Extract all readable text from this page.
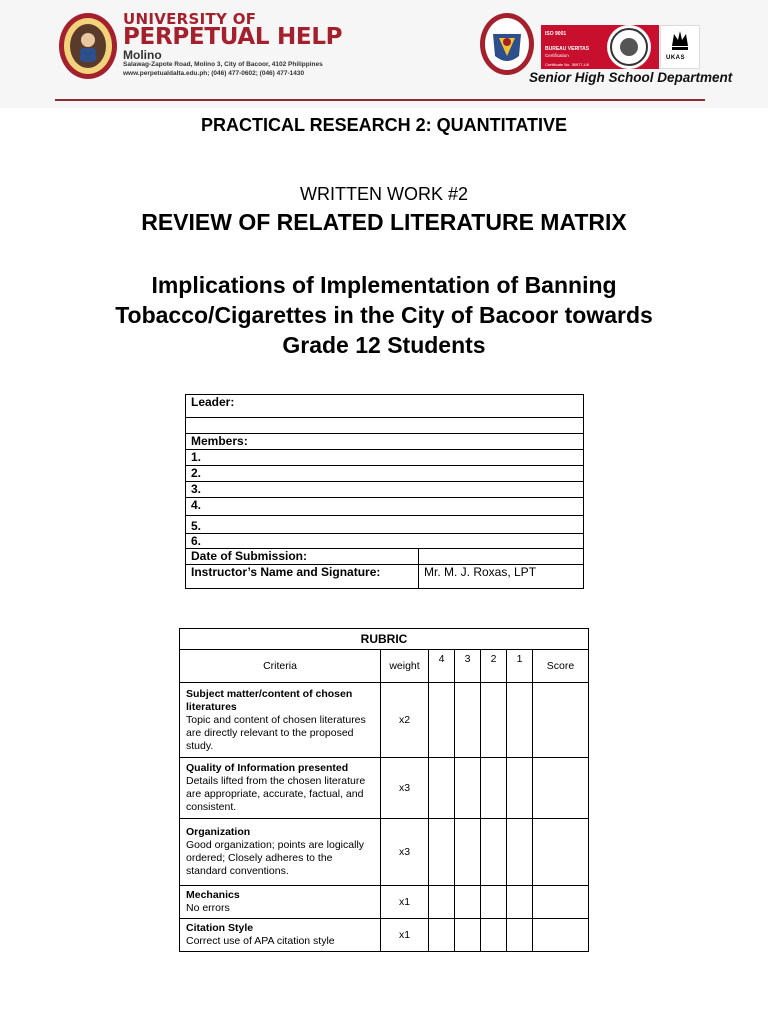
UNIVERSITY OF
PERPETUAL HELP
Molino
Salawag-Zapote Road, Molino 3, City of Bacoor, 4102 Philippines
www.perpetualdalta.edu.ph; (046) 477-0602; (046) 477-1430
ISO 9001
BUREAU VERITAS
Certification
Certificate No. 36977-UK
UKAS
Senior High School Department
PRACTICAL RESEARCH 2: QUANTITATIVE
WRITTEN WORK #2
REVIEW OF RELATED LITERATURE MATRIX
Implications of Implementation of Banning Tobacco/Cigarettes in the City of Bacoor towards Grade 12 Students
Leader:	

Members:	
1.	
2.	
3.	
4.	
5.	
6.	
Date of Submission:	
Instructor’s Name and Signature:	Mr. M. J. Roxas, LPT
RUBRIC						
Criteria	weight	4	3	2	1	Score

Subject matter/content of chosen literatures
Topic and content of chosen literatures are directly relevant to the proposed study.	x2					

Quality of Information presented
Details lifted from the chosen literature are appropriate, accurate, factual, and consistent.	x3					

Organization
Good organization; points are logically ordered; Closely adheres to the standard conventions.	x3					

Mechanics
No errors	x1					

Citation Style
Correct use of APA citation style	x1					
